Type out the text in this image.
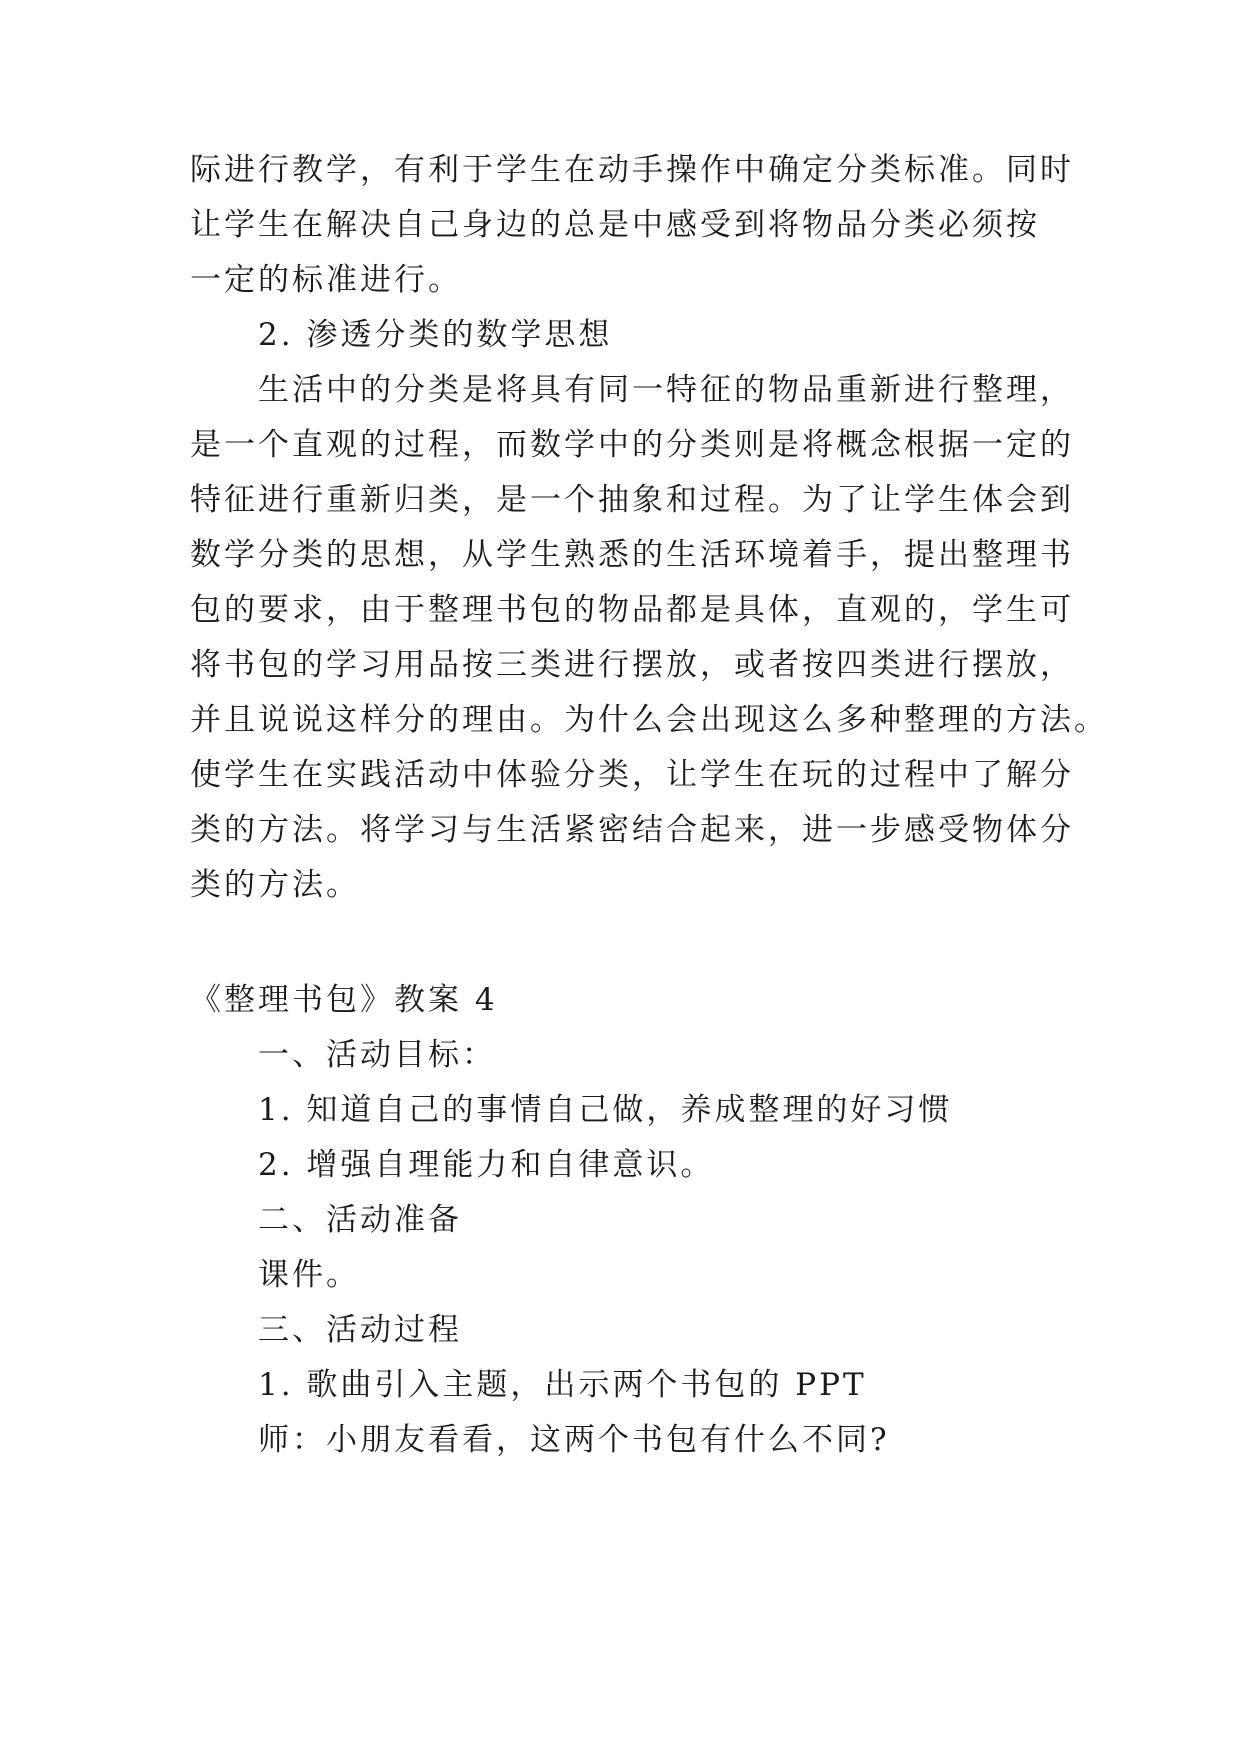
际进行教学，有利于学生在动手操作中确定分类标准。同时
让学生在解决自己身边的总是中感受到将物品分类必须按
一定的标准进行。
2. 渗透分类的数学思想
生活中的分类是将具有同一特征的物品重新进行整理，
是一个直观的过程，而数学中的分类则是将概念根据一定的
特征进行重新归类，是一个抽象和过程。为了让学生体会到
数学分类的思想，从学生熟悉的生活环境着手，提出整理书
包的要求，由于整理书包的物品都是具体，直观的，学生可
将书包的学习用品按三类进行摆放，或者按四类进行摆放，
并且说说这样分的理由。为什么会出现这么多种整理的方法。
使学生在实践活动中体验分类，让学生在玩的过程中了解分
类的方法。将学习与生活紧密结合起来，进一步感受物体分
类的方法。
《整理书包》教案 4
一、活动目标：
1. 知道自己的事情自己做，养成整理的好习惯
2. 增强自理能力和自律意识。
二、活动准备
课件。
三、活动过程
1. 歌曲引入主题，出示两个书包的 PPT
师：小朋友看看，这两个书包有什么不同?
